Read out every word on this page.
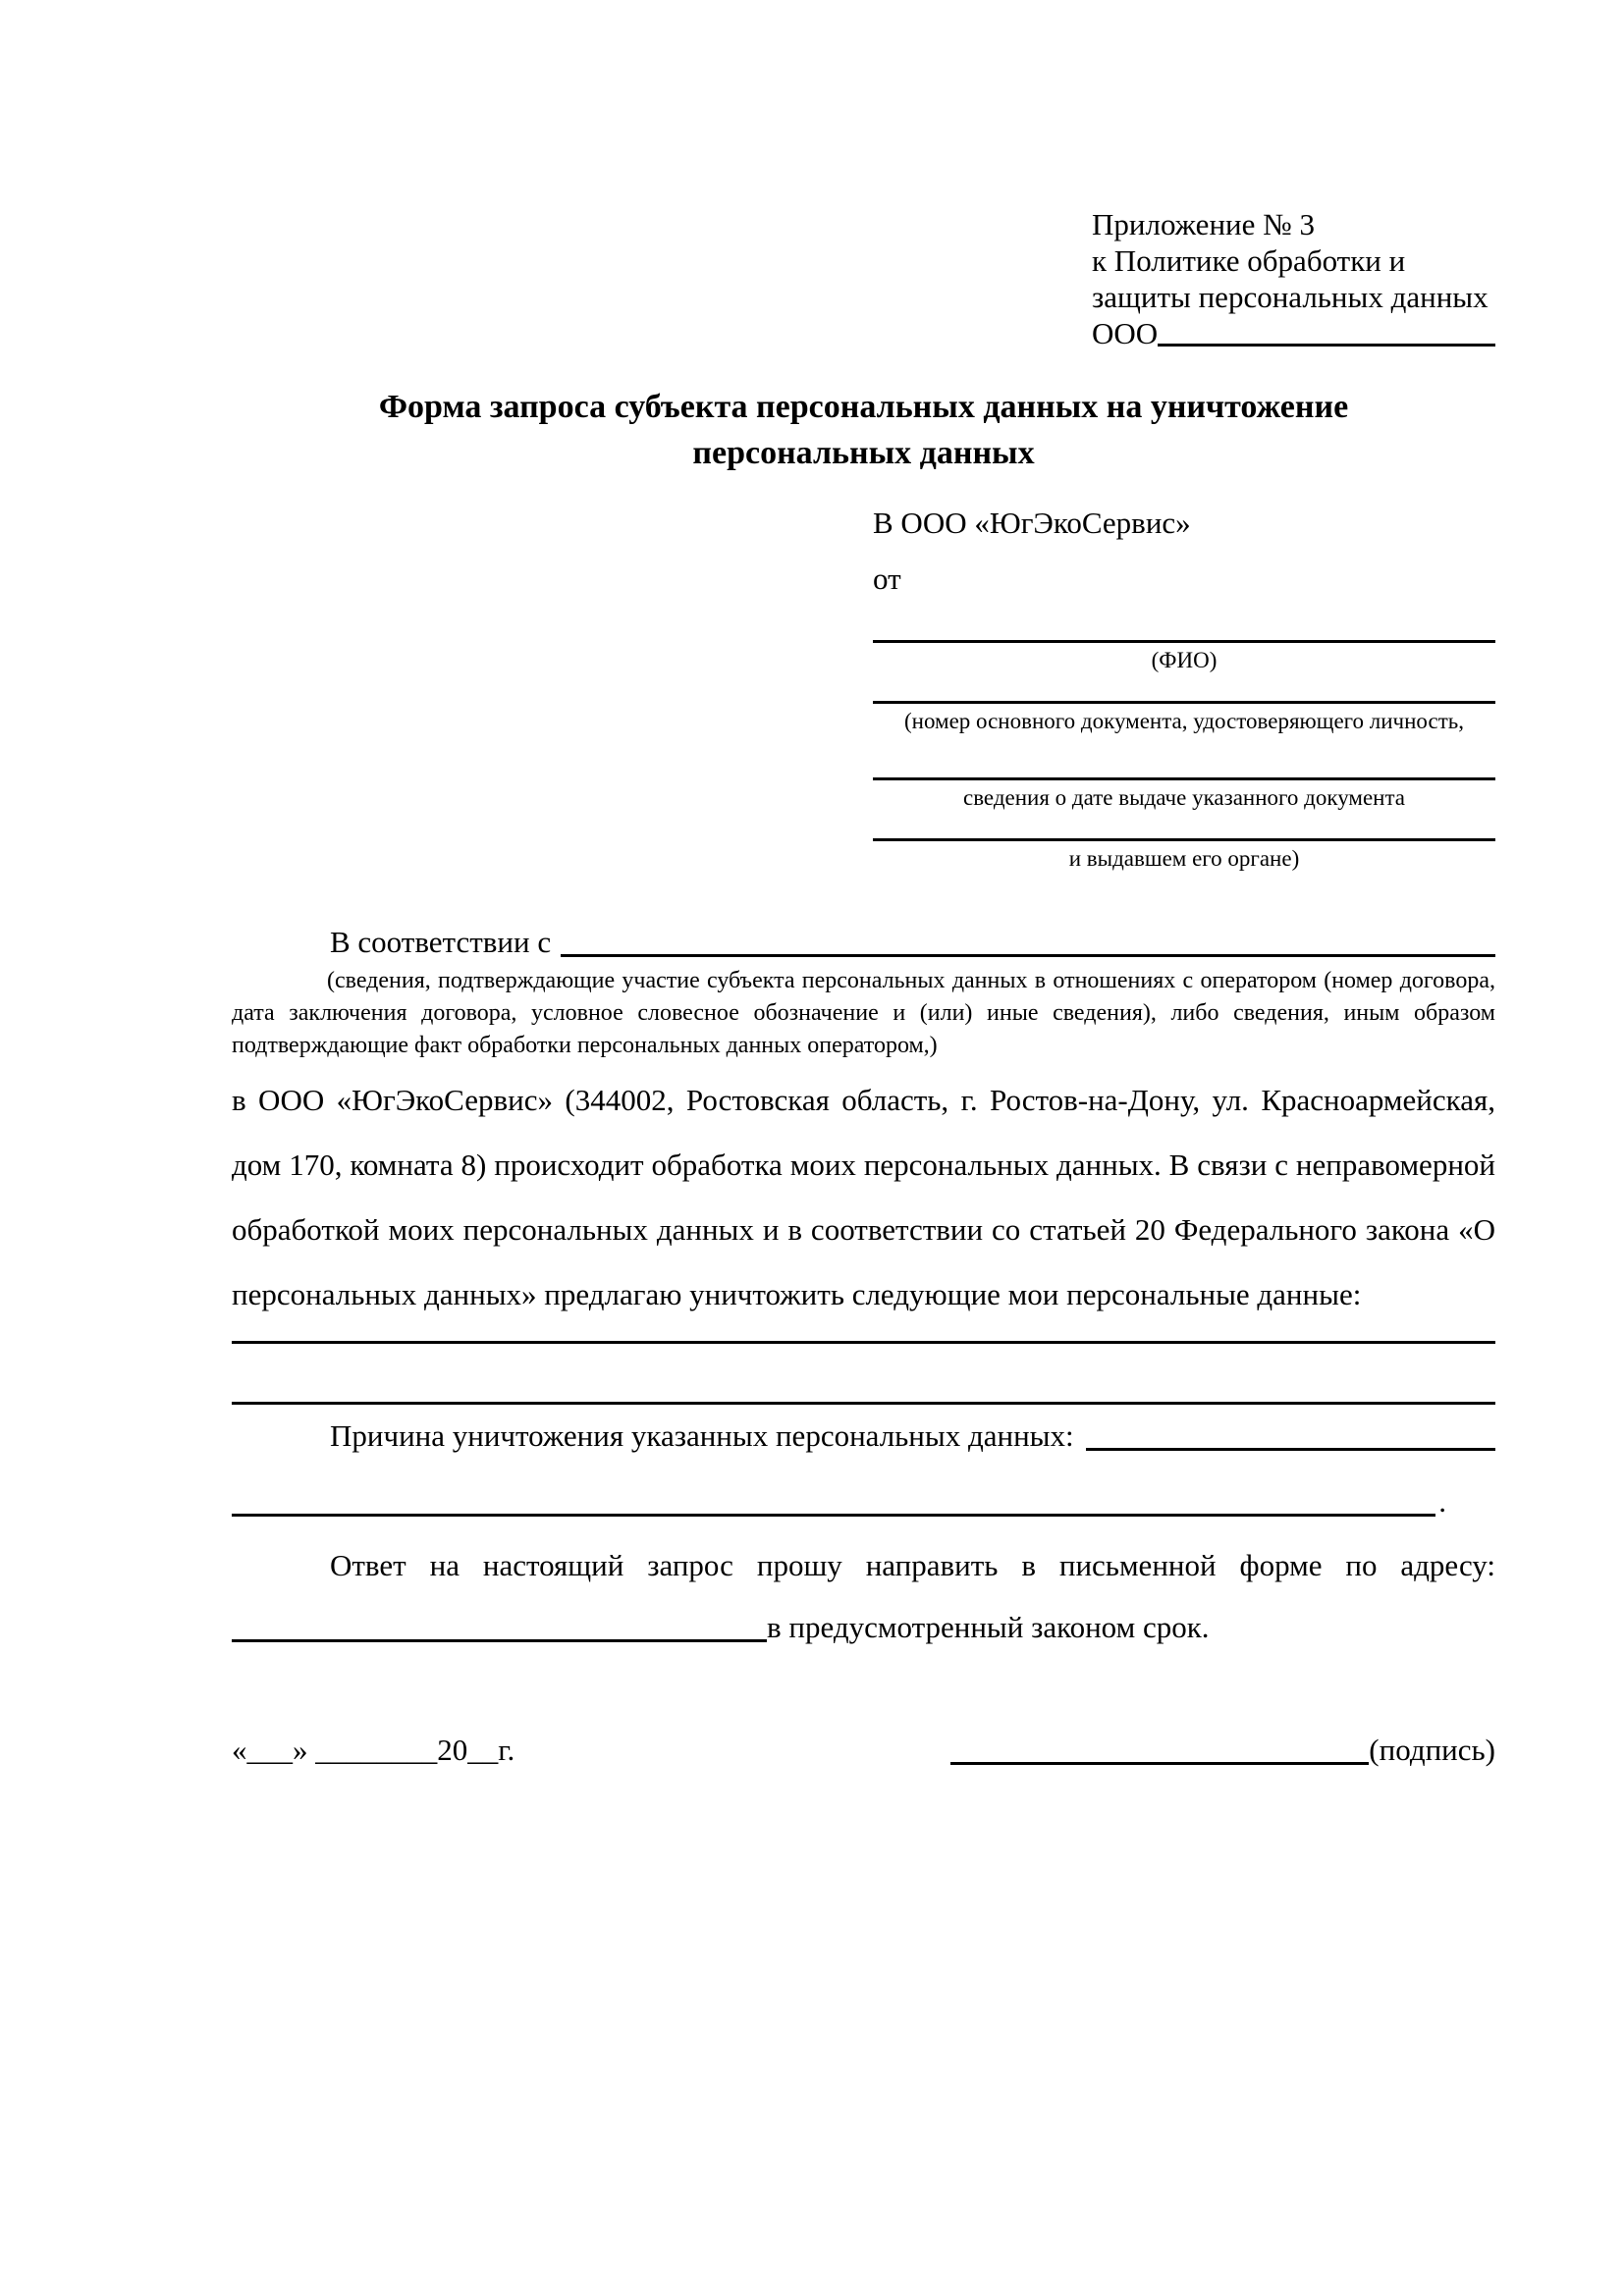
Приложение № 3
к Политике обработки и
защиты персональных данных
ООО
Форма запроса субъекта персональных данных на уничтожение
персональных данных
В ООО «ЮгЭкоСервис»
от
(ФИО)
(номер основного документа, удостоверяющего личность,
сведения о дате выдаче указанного документа
и выдавшем его органе)
В соответствии с

(сведения, подтверждающие участие субъекта персональных данных в отношениях с оператором (номер договора, дата заключения договора, условное словесное обозначение и (или) иные сведения), либо сведения, иным образом подтверждающие факт обработки персональных данных оператором,)

в ООО «ЮгЭкоСервис» (344002, Ростовская область, г. Ростов-на-Дону, ул. Красноармейская, дом 170, комната 8) происходит обработка моих персональных данных. В связи с неправомерной обработкой моих персональных данных и в соответствии со статьей 20 Федерального закона «О персональных данных» предлагаю уничтожить следующие мои персональные данные:

Причина уничтожения указанных персональных данных:
.

Ответ на настоящий запрос прошу направить в письменной форме по адресу:

в предусмотренный законом срок.
«___» ________20__г.	(подпись)
